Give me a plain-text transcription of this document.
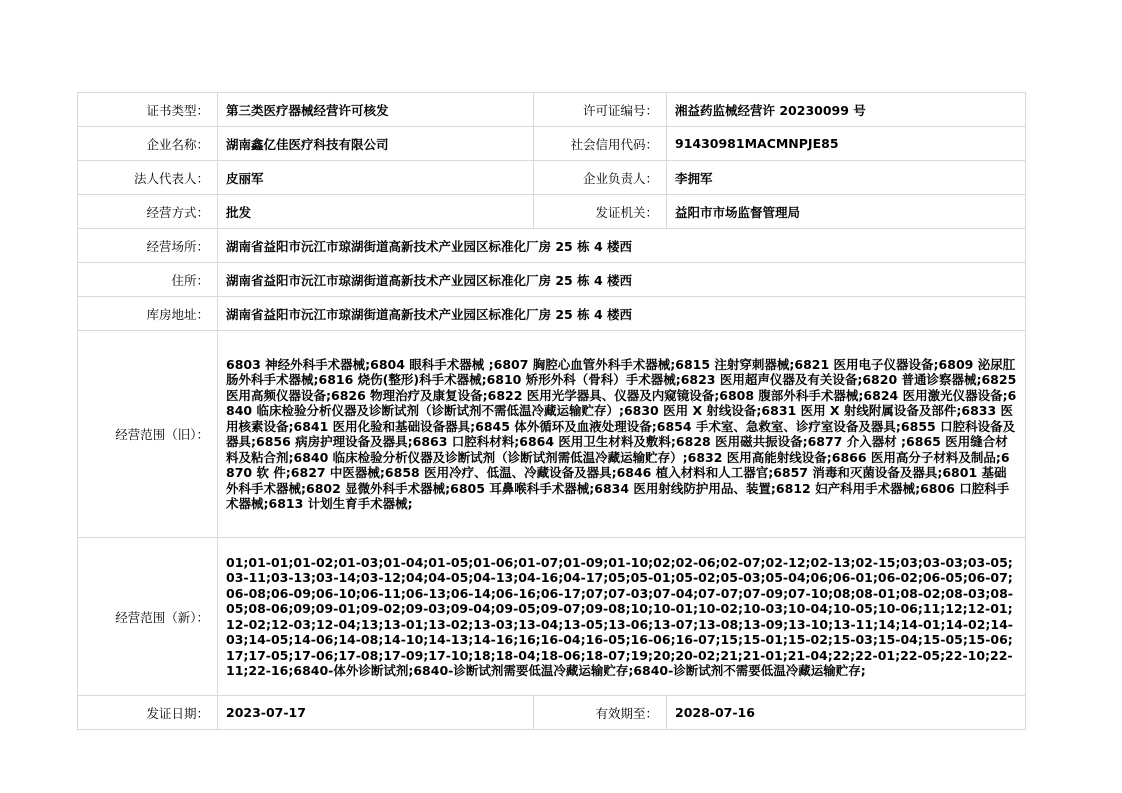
证书类型：	第三类医疗器械经营许可核发	许可证编号：	湘益药监械经营许 20230099 号
企业名称：	湖南鑫亿佳医疗科技有限公司	社会信用代码：	91430981MACMNPJE85
法人代表人：	皮丽军	企业负责人：	李拥军
经营方式：	批发	发证机关：	益阳市市场监督管理局
经营场所：	湖南省益阳市沅江市琼湖街道高新技术产业园区标准化厂房 25 栋 4 楼西		
住所：	湖南省益阳市沅江市琼湖街道高新技术产业园区标准化厂房 25 栋 4 楼西		
库房地址：	湖南省益阳市沅江市琼湖街道高新技术产业园区标准化厂房 25 栋 4 楼西		
经营范围（旧）：	6803 神经外科手术器械;6804 眼科手术器械 ;6807 胸腔心血管外科手术器械;6815 注射穿刺器械;6821 医用电子仪器设备;6809 泌尿肛肠外科手术器械;6816 烧伤(整形)科手术器械;6810 矫形外科（骨科）手术器械;6823 医用超声仪器及有关设备;6820 普通诊察器械;6825 医用高频仪器设备;6826 物理治疗及康复设备;6822 医用光学器具、仪器及内窥镜设备;6808 腹部外科手术器械;6824 医用激光仪器设备;6840 临床检验分析仪器及诊断试剂（诊断试剂不需低温冷藏运输贮存）;6830 医用 X 射线设备;6831 医用 X 射线附属设备及部件;6833 医用核素设备;6841 医用化验和基础设备器具;6845 体外循环及血液处理设备;6854 手术室、急救室、诊疗室设备及器具;6855 口腔科设备及器具;6856 病房护理设备及器具;6863 口腔科材料;6864 医用卫生材料及敷料;6828 医用磁共振设备;6877 介入器材 ;6865 医用缝合材料及粘合剂;6840 临床检验分析仪器及诊断试剂（诊断试剂需低温冷藏运输贮存）;6832 医用高能射线设备;6866 医用高分子材料及制品;6870 软 件;6827 中医器械;6858 医用冷疗、低温、冷藏设备及器具;6846 植入材料和人工器官;6857 消毒和灭菌设备及器具;6801 基础外科手术器械;6802 显微外科手术器械;6805 耳鼻喉科手术器械;6834 医用射线防护用品、装置;6812 妇产科用手术器械;6806 口腔科手术器械;6813 计划生育手术器械;		
经营范围（新）：	01;01-01;01-02;01-03;01-04;01-05;01-06;01-07;01-09;01-10;02;02-06;02-07;02-12;02-13;02-15;03;03-03;03-05;03-11;03-13;03-14;03-12;04;04-05;04-13;04-16;04-17;05;05-01;05-02;05-03;05-04;06;06-01;06-02;06-05;06-07;06-08;06-09;06-10;06-11;06-13;06-14;06-16;06-17;07;07-03;07-04;07-07;07-09;07-10;08;08-01;08-02;08-03;08-05;08-06;09;09-01;09-02;09-03;09-04;09-05;09-07;09-08;10;10-01;10-02;10-03;10-04;10-05;10-06;11;12;12-01;12-02;12-03;12-04;13;13-01;13-02;13-03;13-04;13-05;13-06;13-07;13-08;13-09;13-10;13-11;14;14-01;14-02;14-03;14-05;14-06;14-08;14-10;14-13;14-16;16;16-04;16-05;16-06;16-07;15;15-01;15-02;15-03;15-04;15-05;15-06;17;17-05;17-06;17-08;17-09;17-10;18;18-04;18-06;18-07;19;20;20-02;21;21-01;21-04;22;22-01;22-05;22-10;22-11;22-16;6840-体外诊断试剂;6840-诊断试剂需要低温冷藏运输贮存;6840-诊断试剂不需要低温冷藏运输贮存;		
发证日期：	2023-07-17	有效期至：	2028-07-16
